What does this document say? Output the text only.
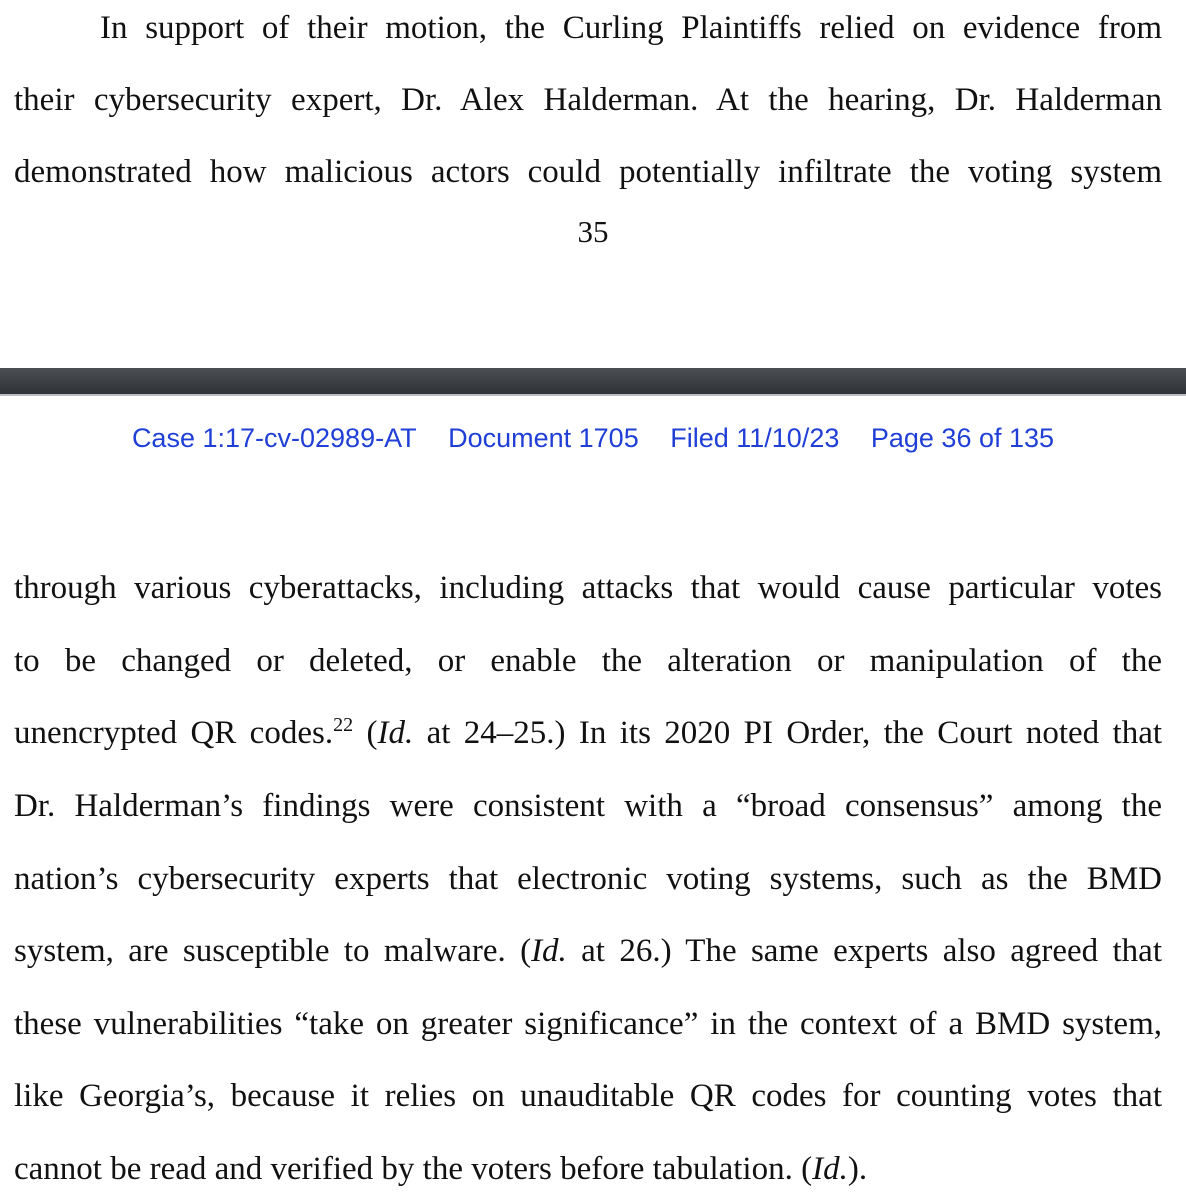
In support of their motion, the Curling Plaintiffs relied on evidence from
their cybersecurity expert, Dr. Alex Halderman. At the hearing, Dr. Halderman
demonstrated how malicious actors could potentially infiltrate the voting system
35
Case 1:17-cv-02989-AT Document 1705 Filed 11/10/23 Page 36 of 135
through various cyberattacks, including attacks that would cause particular votes
to be changed or deleted, or enable the alteration or manipulation of the
unencrypted QR codes.$^{22}$ (Id. at 24–25.) In its 2020 PI Order, the Court noted that
Dr. Halderman’s findings were consistent with a “broad consensus” among the
nation’s cybersecurity experts that electronic voting systems, such as the BMD
system, are susceptible to malware. (Id. at 26.) The same experts also agreed that
these vulnerabilities “take on greater significance” in the context of a BMD system,
like Georgia’s, because it relies on unauditable QR codes for counting votes that
cannot be read and verified by the voters before tabulation. (Id.).
